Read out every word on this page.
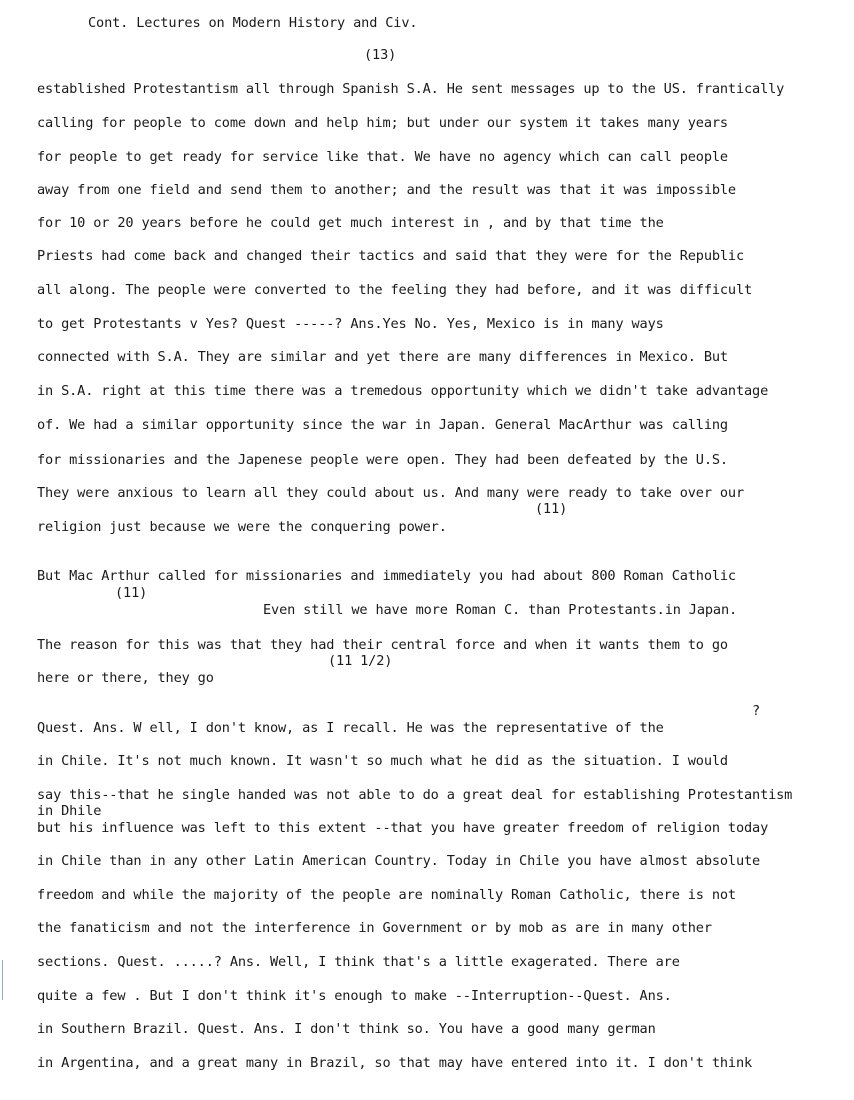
Cont. Lectures on Modern History and Civ.
(13)
established Protestantism all through Spanish S.A. He sent messages up to the US. frantically
calling for people to come down and help him; but under our system it takes many years
for people to get ready for service like that. We have no agency which can call people
away from one field and send them to another; and the result was that it was impossible
for 10 or 20 years before he could get much interest in , and by that time the
Priests had come back and changed their tactics and said that they were for the Republic
all along. The people were converted to the feeling they had before, and it was difficult
to get Protestants v Yes? Quest -----? Ans.Yes No. Yes, Mexico is in many ways
connected with S.A. They are similar and yet there are many differences in Mexico. But
in S.A. right at this time there was a tremedous opportunity which we didn't take advantage
of. We had a similar opportunity since the war in Japan. General MacArthur was calling
for missionaries and the Japenese people were open. They had been defeated by the U.S.
They were anxious to learn all they could about us. And many were ready to take over our
(11)
religion just because we were the conquering power.
But Mac Arthur called for missionaries and immediately you had about 800 Roman Catholic
(11)
Even still we have more Roman C. than Protestants.in Japan.
The reason for this was that they had their central force and when it wants them to go
(11 1/2)
here or there, they go
?
Quest. Ans. W ell, I don't know, as I recall. He was the representative of the
in Chile. It's not much known. It wasn't so much what he did as the situation. I would
say this--that he single handed was not able to do a great deal for establishing Protestantism
in Dhile
but his influence was left to this extent --that you have greater freedom of religion today
in Chile than in any other Latin American Country. Today in Chile you have almost absolute
freedom and while the majority of the people are nominally Roman Catholic, there is not
the fanaticism and not the interference in Government or by mob as are in many other
sections. Quest. .....? Ans. Well, I think that's a little exagerated. There are
quite a few . But I don't think it's enough to make --Interruption--Quest. Ans.
in Southern Brazil. Quest. Ans. I don't think so. You have a good many german
in Argentina, and a great many in Brazil, so that may have entered into it. I don't think
